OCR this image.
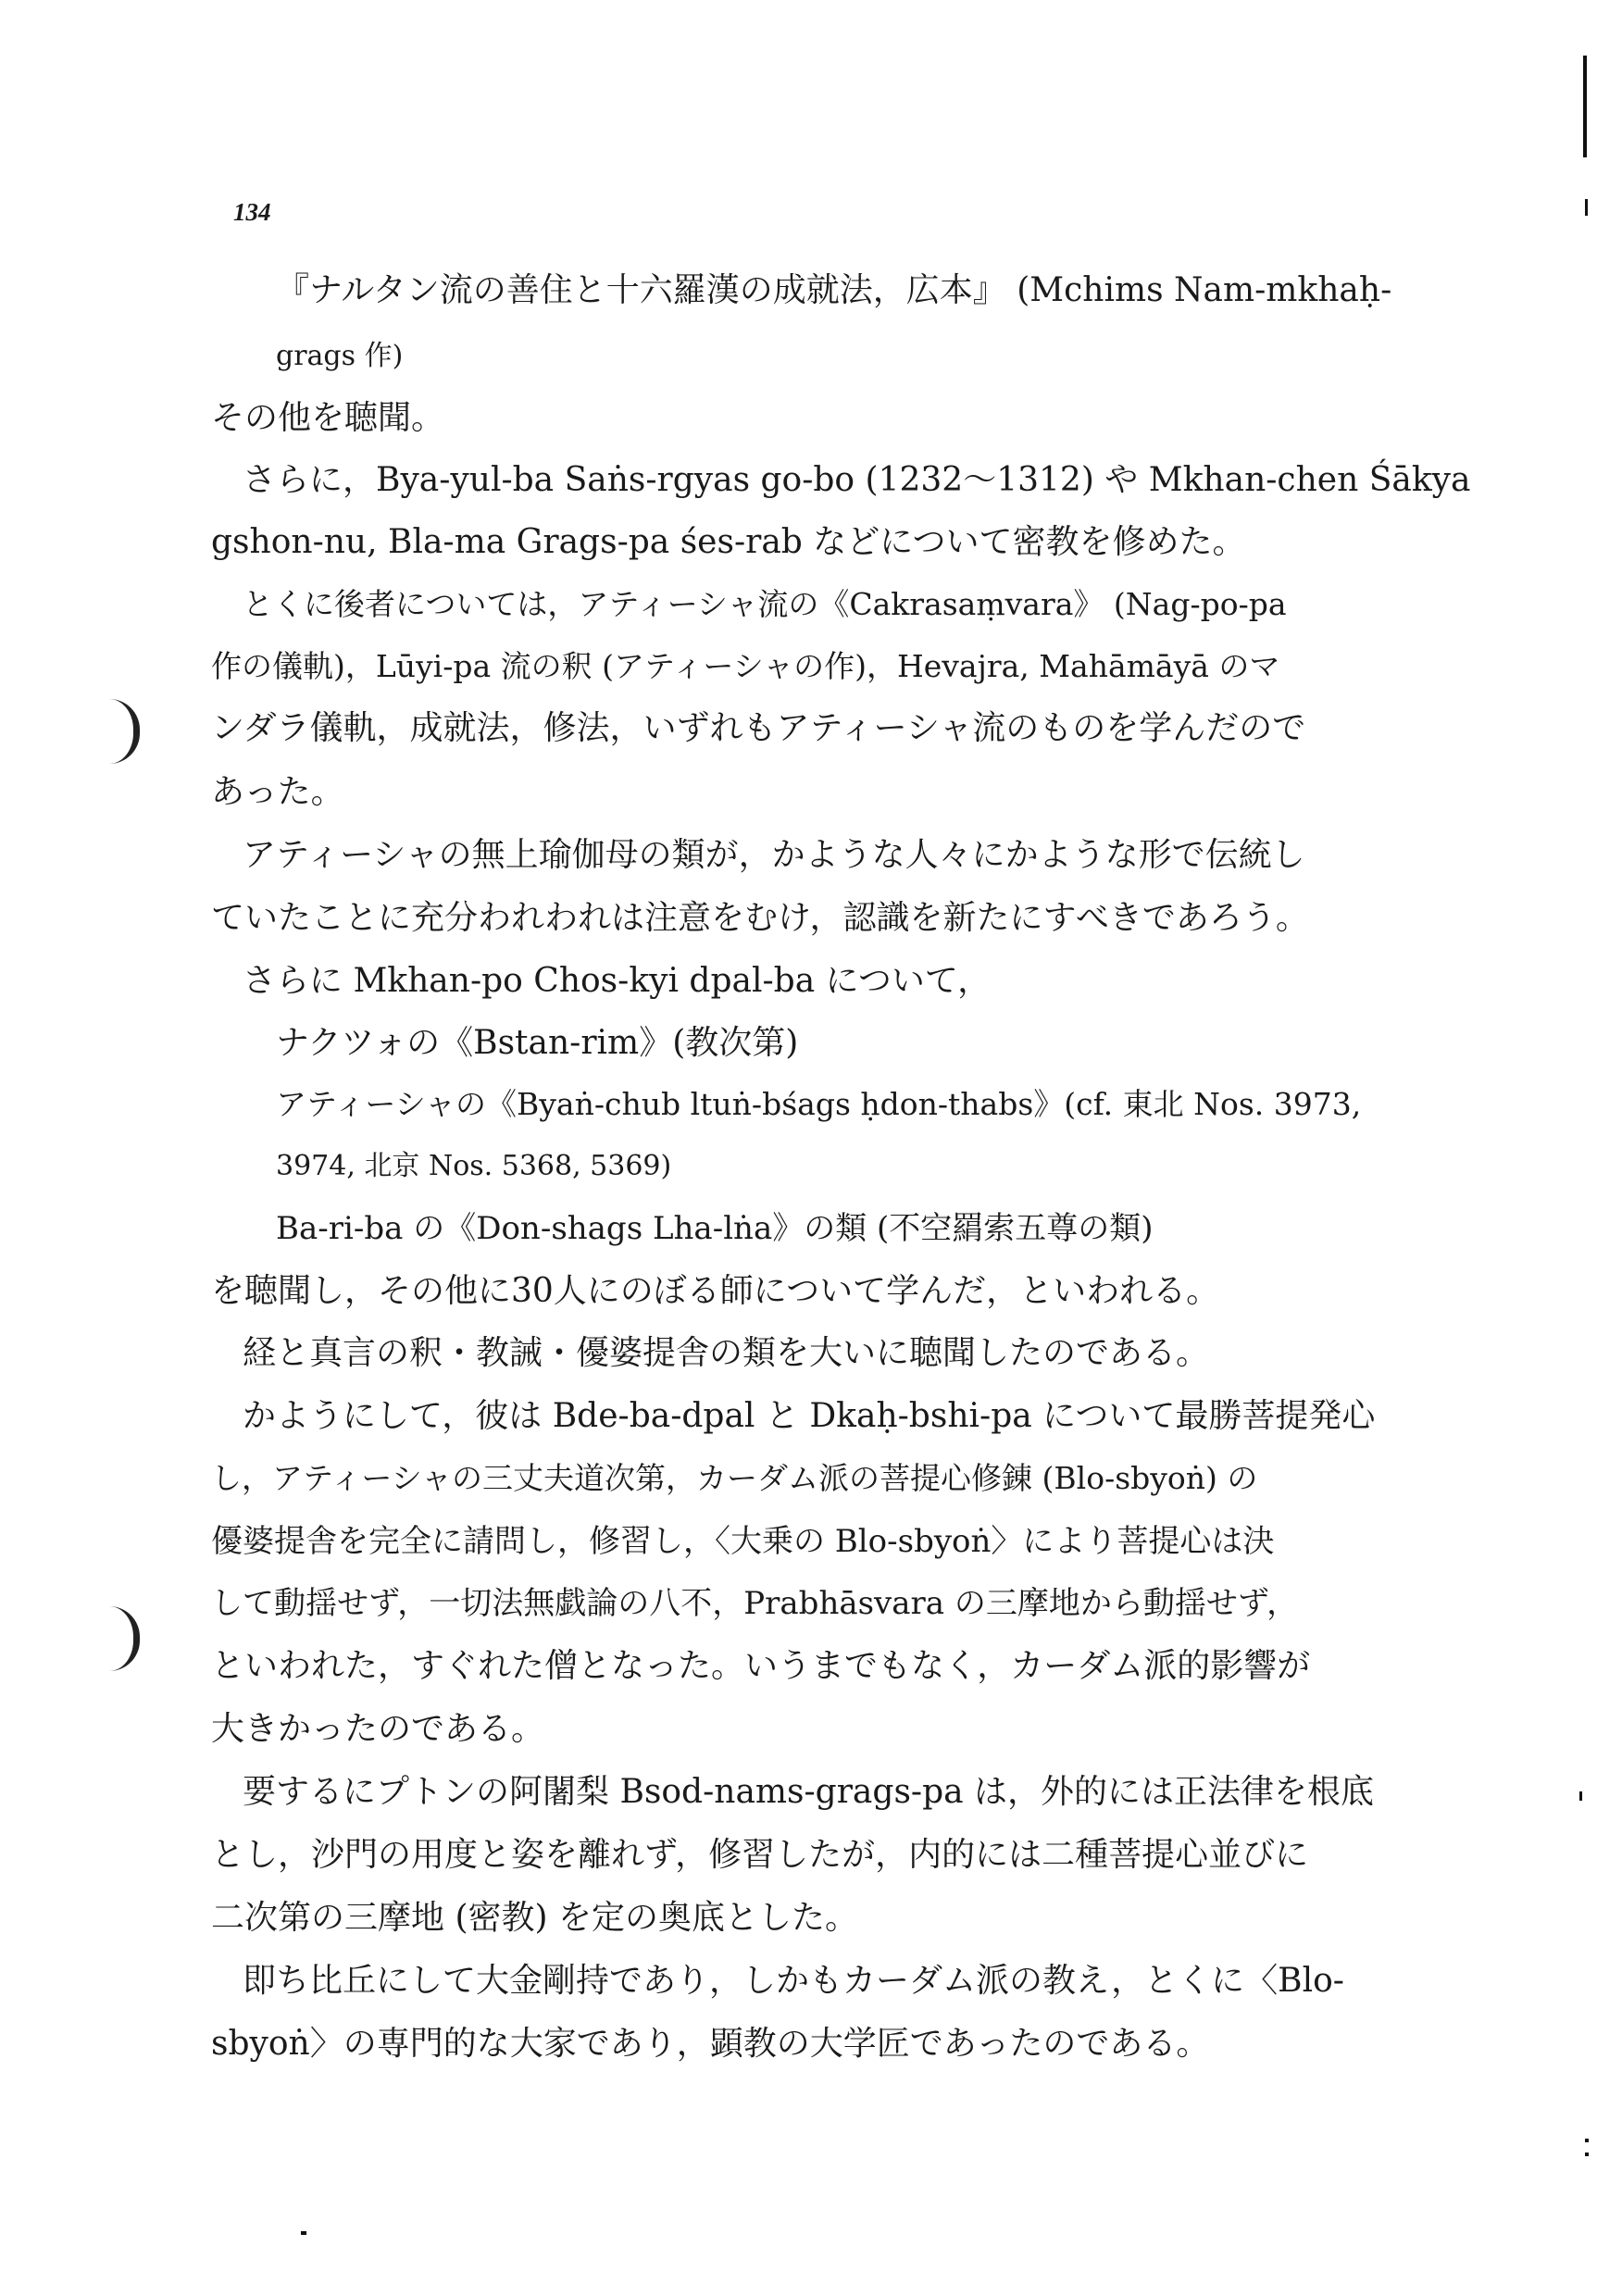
134
『ナルタン流の善住と十六羅漢の成就法，広本』 (Mchims Nam-mkhaḥ-
grags 作)
その他を聴聞。
さらに，Bya-yul-ba Saṅs-rgyas go-bo (1232〜1312) や Mkhan-chen Śākya
gshon-nu, Bla-ma Grags-pa śes-rab などについて密教を修めた。
とくに後者については，アティーシャ流の《Cakrasaṃvara》 (Nag-po-pa
作の儀軌)，Lūyi-pa 流の釈 (アティーシャの作)，Hevajra, Mahāmāyā のマ
ンダラ儀軌，成就法，修法，いずれもアティーシャ流のものを学んだので
あった。
アティーシャの無上瑜伽母の類が，かような人々にかような形で伝統し
ていたことに充分われわれは注意をむけ，認識を新たにすべきであろう。
さらに Mkhan-po Chos-kyi dpal-ba について，
ナクツォの《Bstan-rim》(教次第)
アティーシャの《Byaṅ-chub ltuṅ-bśags ḥdon-thabs》(cf. 東北 Nos. 3973,
3974, 北京 Nos. 5368, 5369)
Ba-ri-ba の《Don-shags Lha-lṅa》の類 (不空羂索五尊の類)
を聴聞し，その他に30人にのぼる師について学んだ，といわれる。
経と真言の釈・教誡・優婆提舎の類を大いに聴聞したのである。
かようにして，彼は Bde-ba-dpal と Dkaḥ-bshi-pa について最勝菩提発心
し，アティーシャの三丈夫道次第，カーダム派の菩提心修錬 (Blo-sbyoṅ) の
優婆提舎を完全に請問し，修習し，〈大乗の Blo-sbyoṅ〉により菩提心は決
して動揺せず，一切法無戯論の八不，Prabhāsvara の三摩地から動揺せず，
といわれた，すぐれた僧となった。いうまでもなく，カーダム派的影響が
大きかったのである。
要するにプトンの阿闍梨 Bsod-nams-grags-pa は，外的には正法律を根底
とし，沙門の用度と姿を離れず，修習したが，内的には二種菩提心並びに
二次第の三摩地 (密教) を定の奥底とした。
即ち比丘にして大金剛持であり，しかもカーダム派の教え，とくに〈Blo-
sbyoṅ〉の専門的な大家であり，顕教の大学匠であったのである。
